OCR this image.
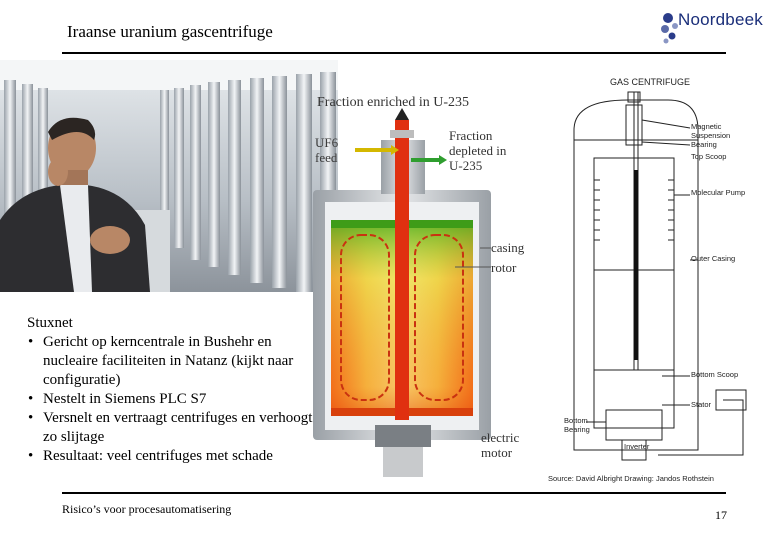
Iraanse uranium gascentrifuge
Noordbeek

Stuxnet

• Gericht op kerncentrale in Bushehr en nucleaire faciliteiten in Natanz (kijkt naar configuratie)
• Nestelt in Siemens PLC S7
• Versnelt en vertraagt centrifuges en verhoogt zo slijtage
• Resultaat: veel centrifuges met schade
Fraction enriched in U-235
UF6 feed
Fraction depleted in U-235
casing
rotor
electric motor
GAS CENTRIFUGE
Magnetic Suspension Bearing
Top Scoop
Molecular Pump
Outer Casing
Bottom Scoop
Stator
Bottom Bearing
Inverter
Source: David Albright Drawing: Jandos Rothstein
Risico’s voor procesautomatisering	17
